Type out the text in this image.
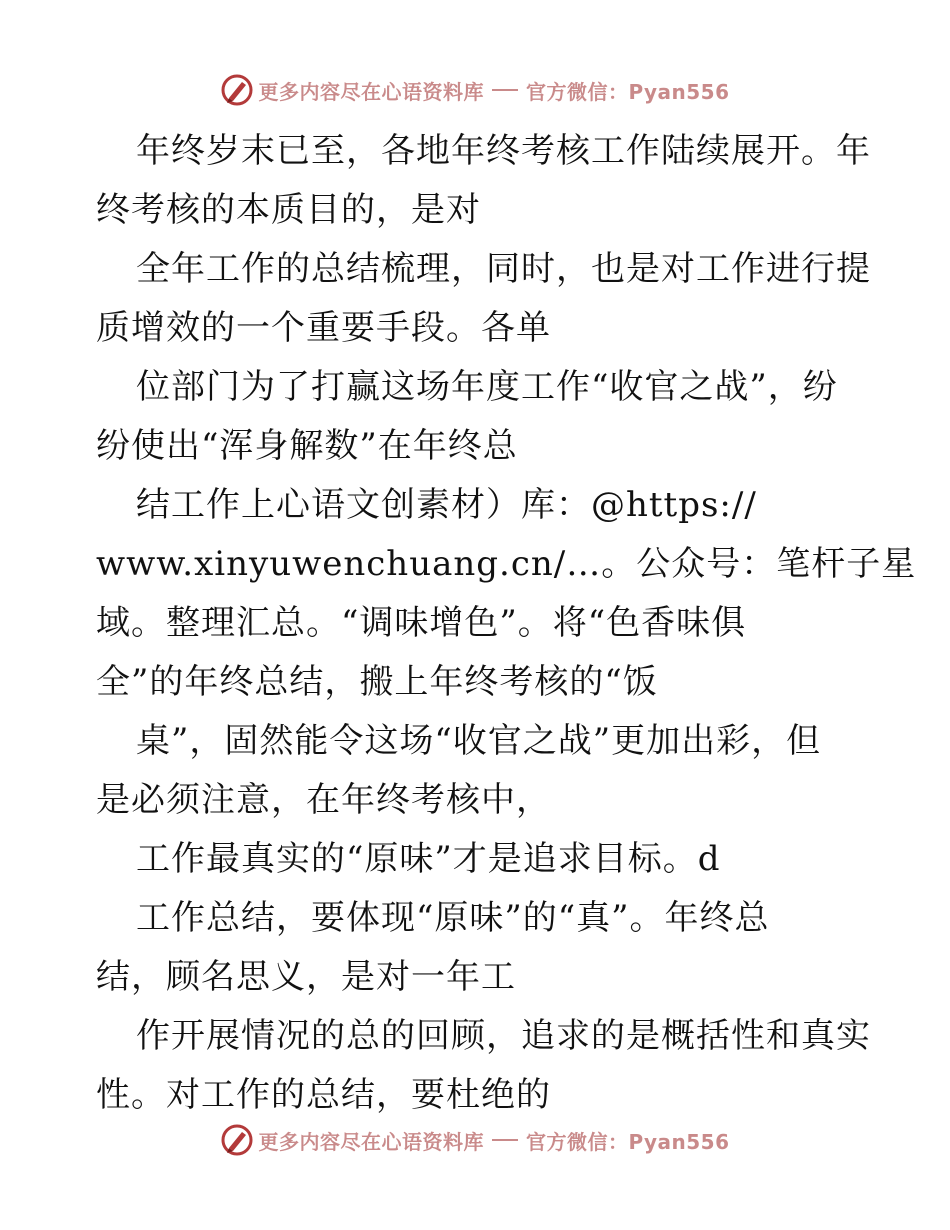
更多内容尽在心语资料库 官方微信：Pyan556
年终岁末已至，各地年终考核工作陆续展开。年
终考核的本质目的，是对
全年工作的总结梳理，同时，也是对工作进行提
质增效的一个重要手段。各单
位部门为了打赢这场年度工作“收官之战”，纷
纷使出“浑身解数”在年终总
结工作上心语文创素材）库：@https://
www.xinyuwenchuang.cn/…。公众号：笔杆子星
域。整理汇总。“调味增色”。将“色香味俱
全”的年终总结，搬上年终考核的“饭
桌”，固然能令这场“收官之战”更加出彩，但
是必须注意，在年终考核中，
工作最真实的“原味”才是追求目标。d
工作总结，要体现“原味”的“真”。年终总
结，顾名思义，是对一年工
作开展情况的总的回顾，追求的是概括性和真实
性。对工作的总结，要杜绝的
更多内容尽在心语资料库 官方微信：Pyan556
